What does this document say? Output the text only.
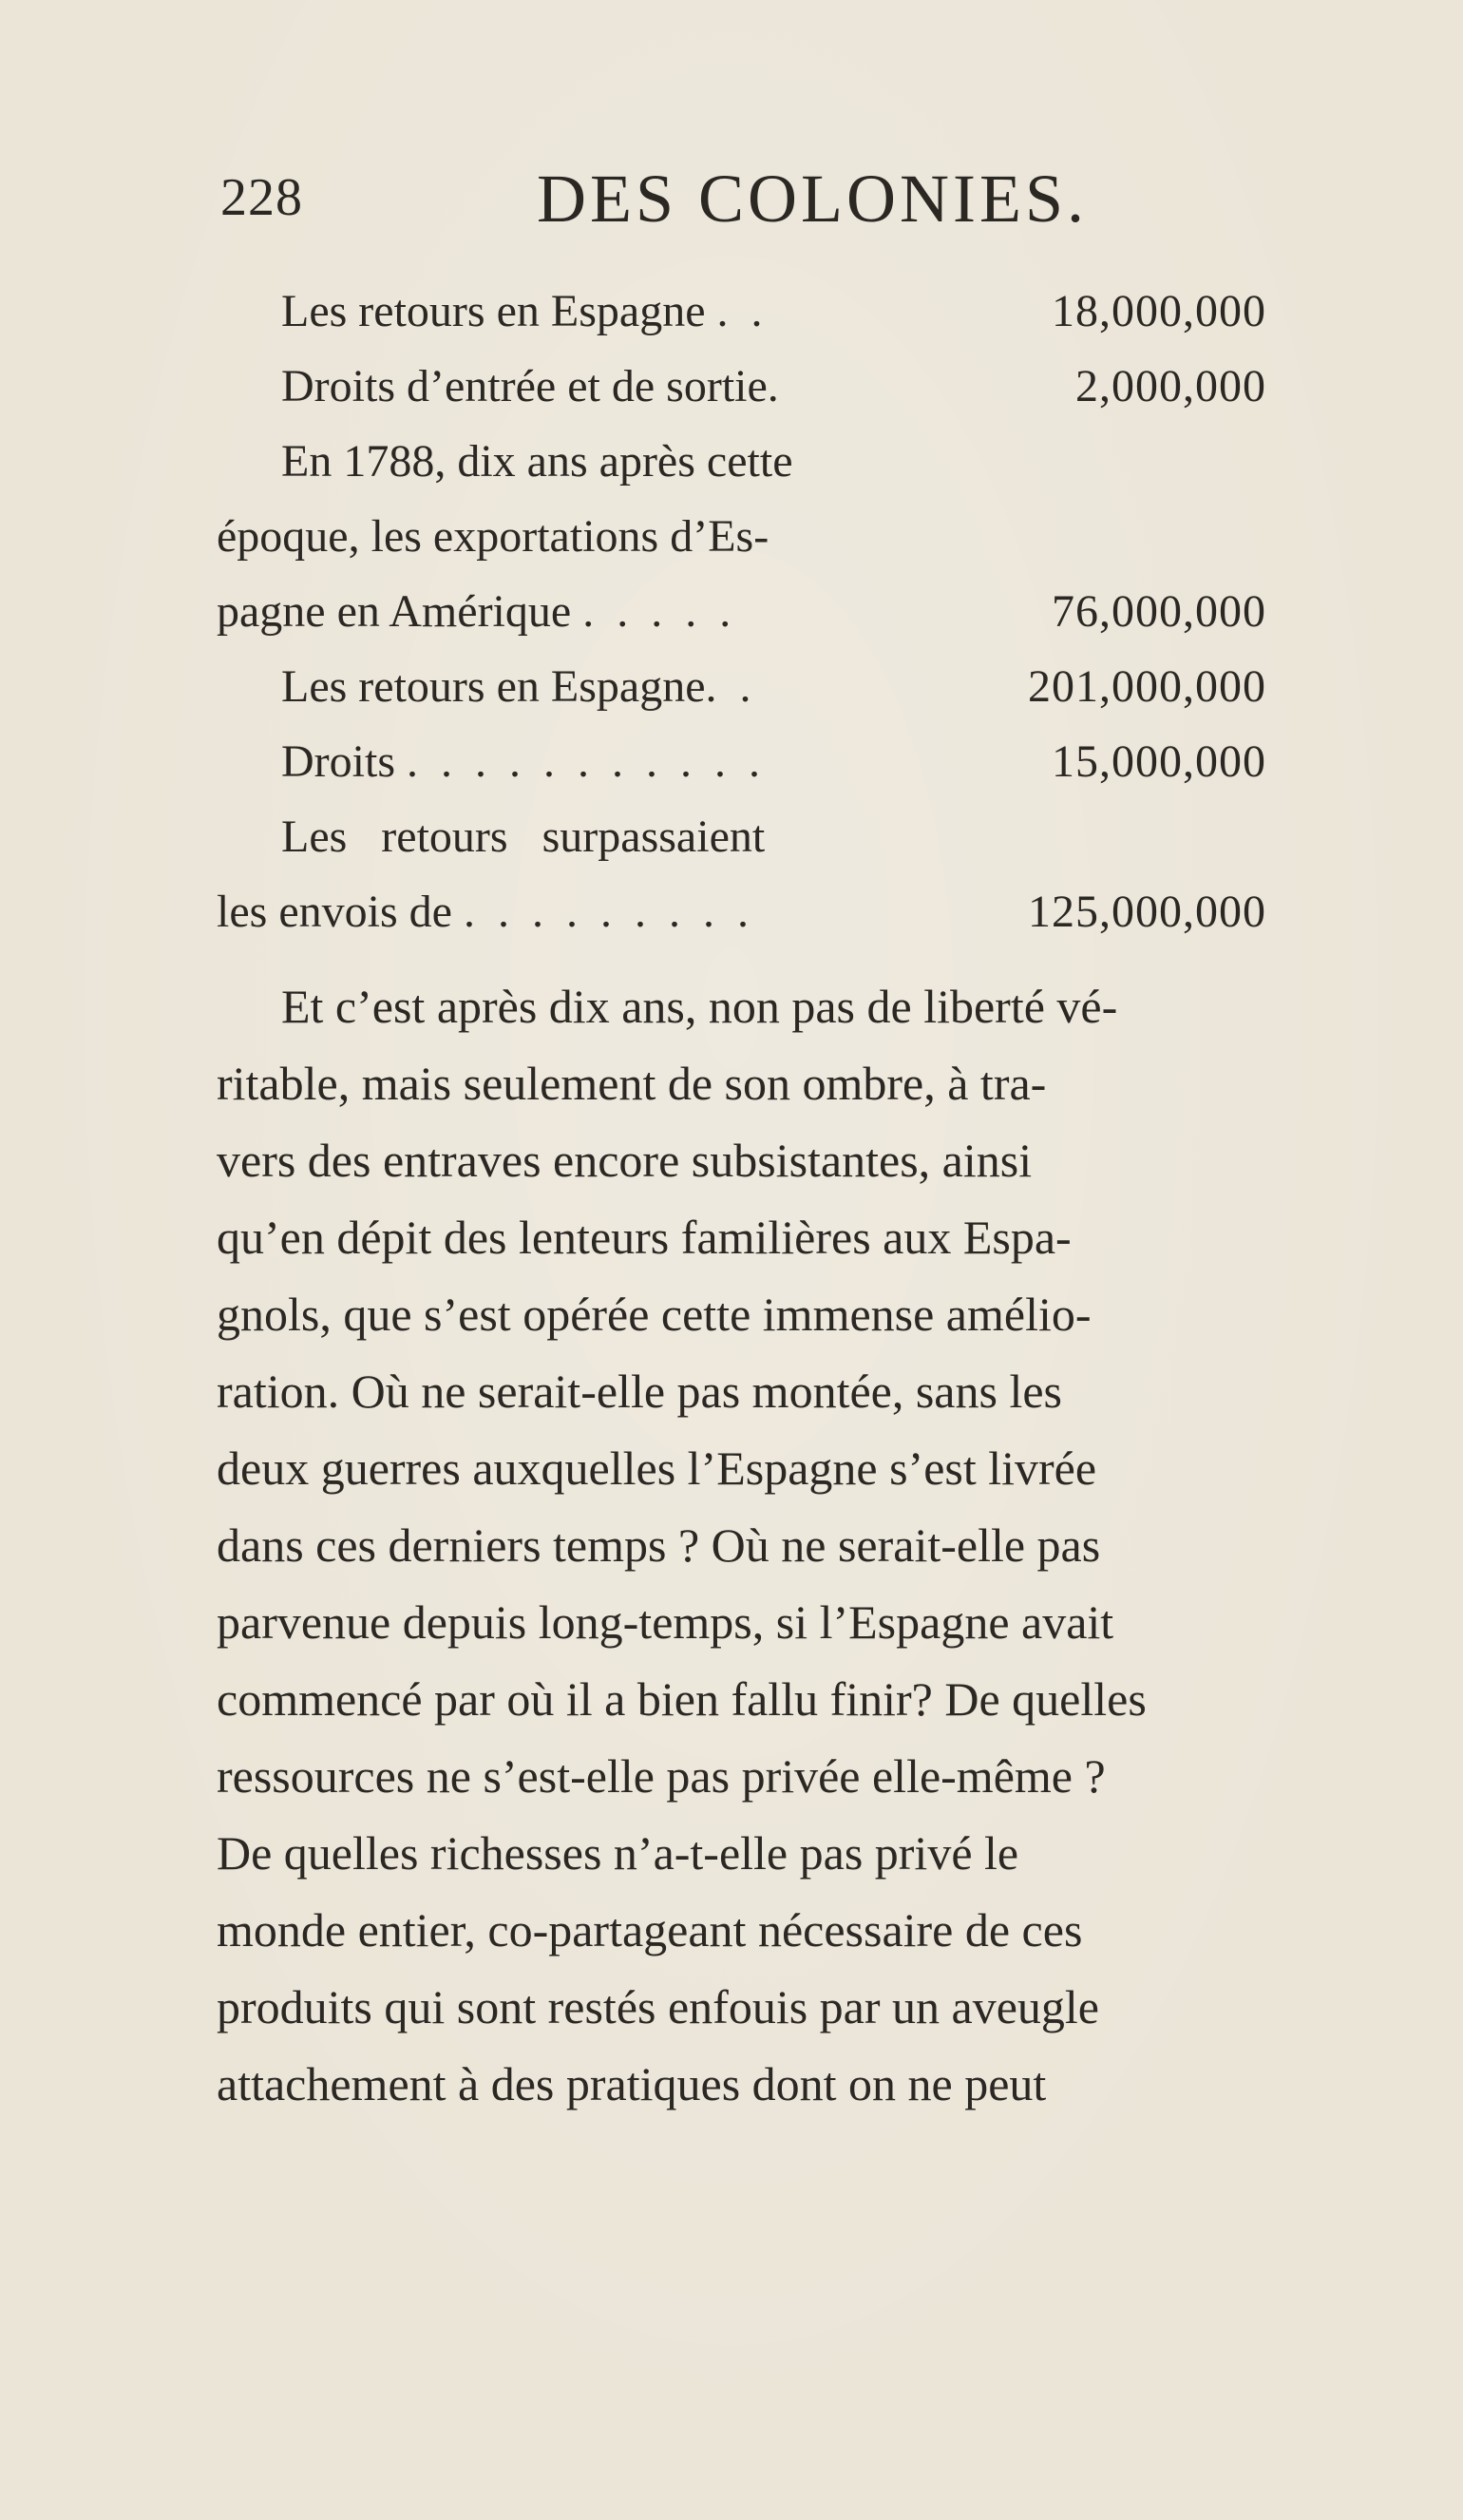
228	DES COLONIES.
Les retours en Espagne .  .	18,000,000
Droits d’entrée et de sortie.	2,000,000
En 1788, dix ans après cette
époque, les exportations d’Es-
pagne en Amérique .  .  .  .  .	76,000,000
Les retours en Espagne.  .	201,000,000
Droits .  .  .  .  .  .  .  .  .  .  .	15,000,000
Les   retours   surpassaient
les envois de .  .  .  .  .  .  .  .  .	125,000,000
Et c’est après dix ans, non pas de liberté vé-
ritable, mais seulement de son ombre, à tra-
vers des entraves encore subsistantes, ainsi
qu’en dépit des lenteurs familières aux Espa-
gnols, que s’est opérée cette immense amélio-
ration. Où ne serait-elle pas montée, sans les
deux guerres auxquelles l’Espagne s’est livrée
dans ces derniers temps ? Où ne serait-elle pas
parvenue depuis long-temps, si l’Espagne avait
commencé par où il a bien fallu finir? De quelles
ressources ne s’est-elle pas privée elle-même ?
De quelles richesses n’a-t-elle pas privé le
monde entier, co-partageant nécessaire de ces
produits qui sont restés enfouis par un aveugle
attachement à des pratiques dont on ne peut
